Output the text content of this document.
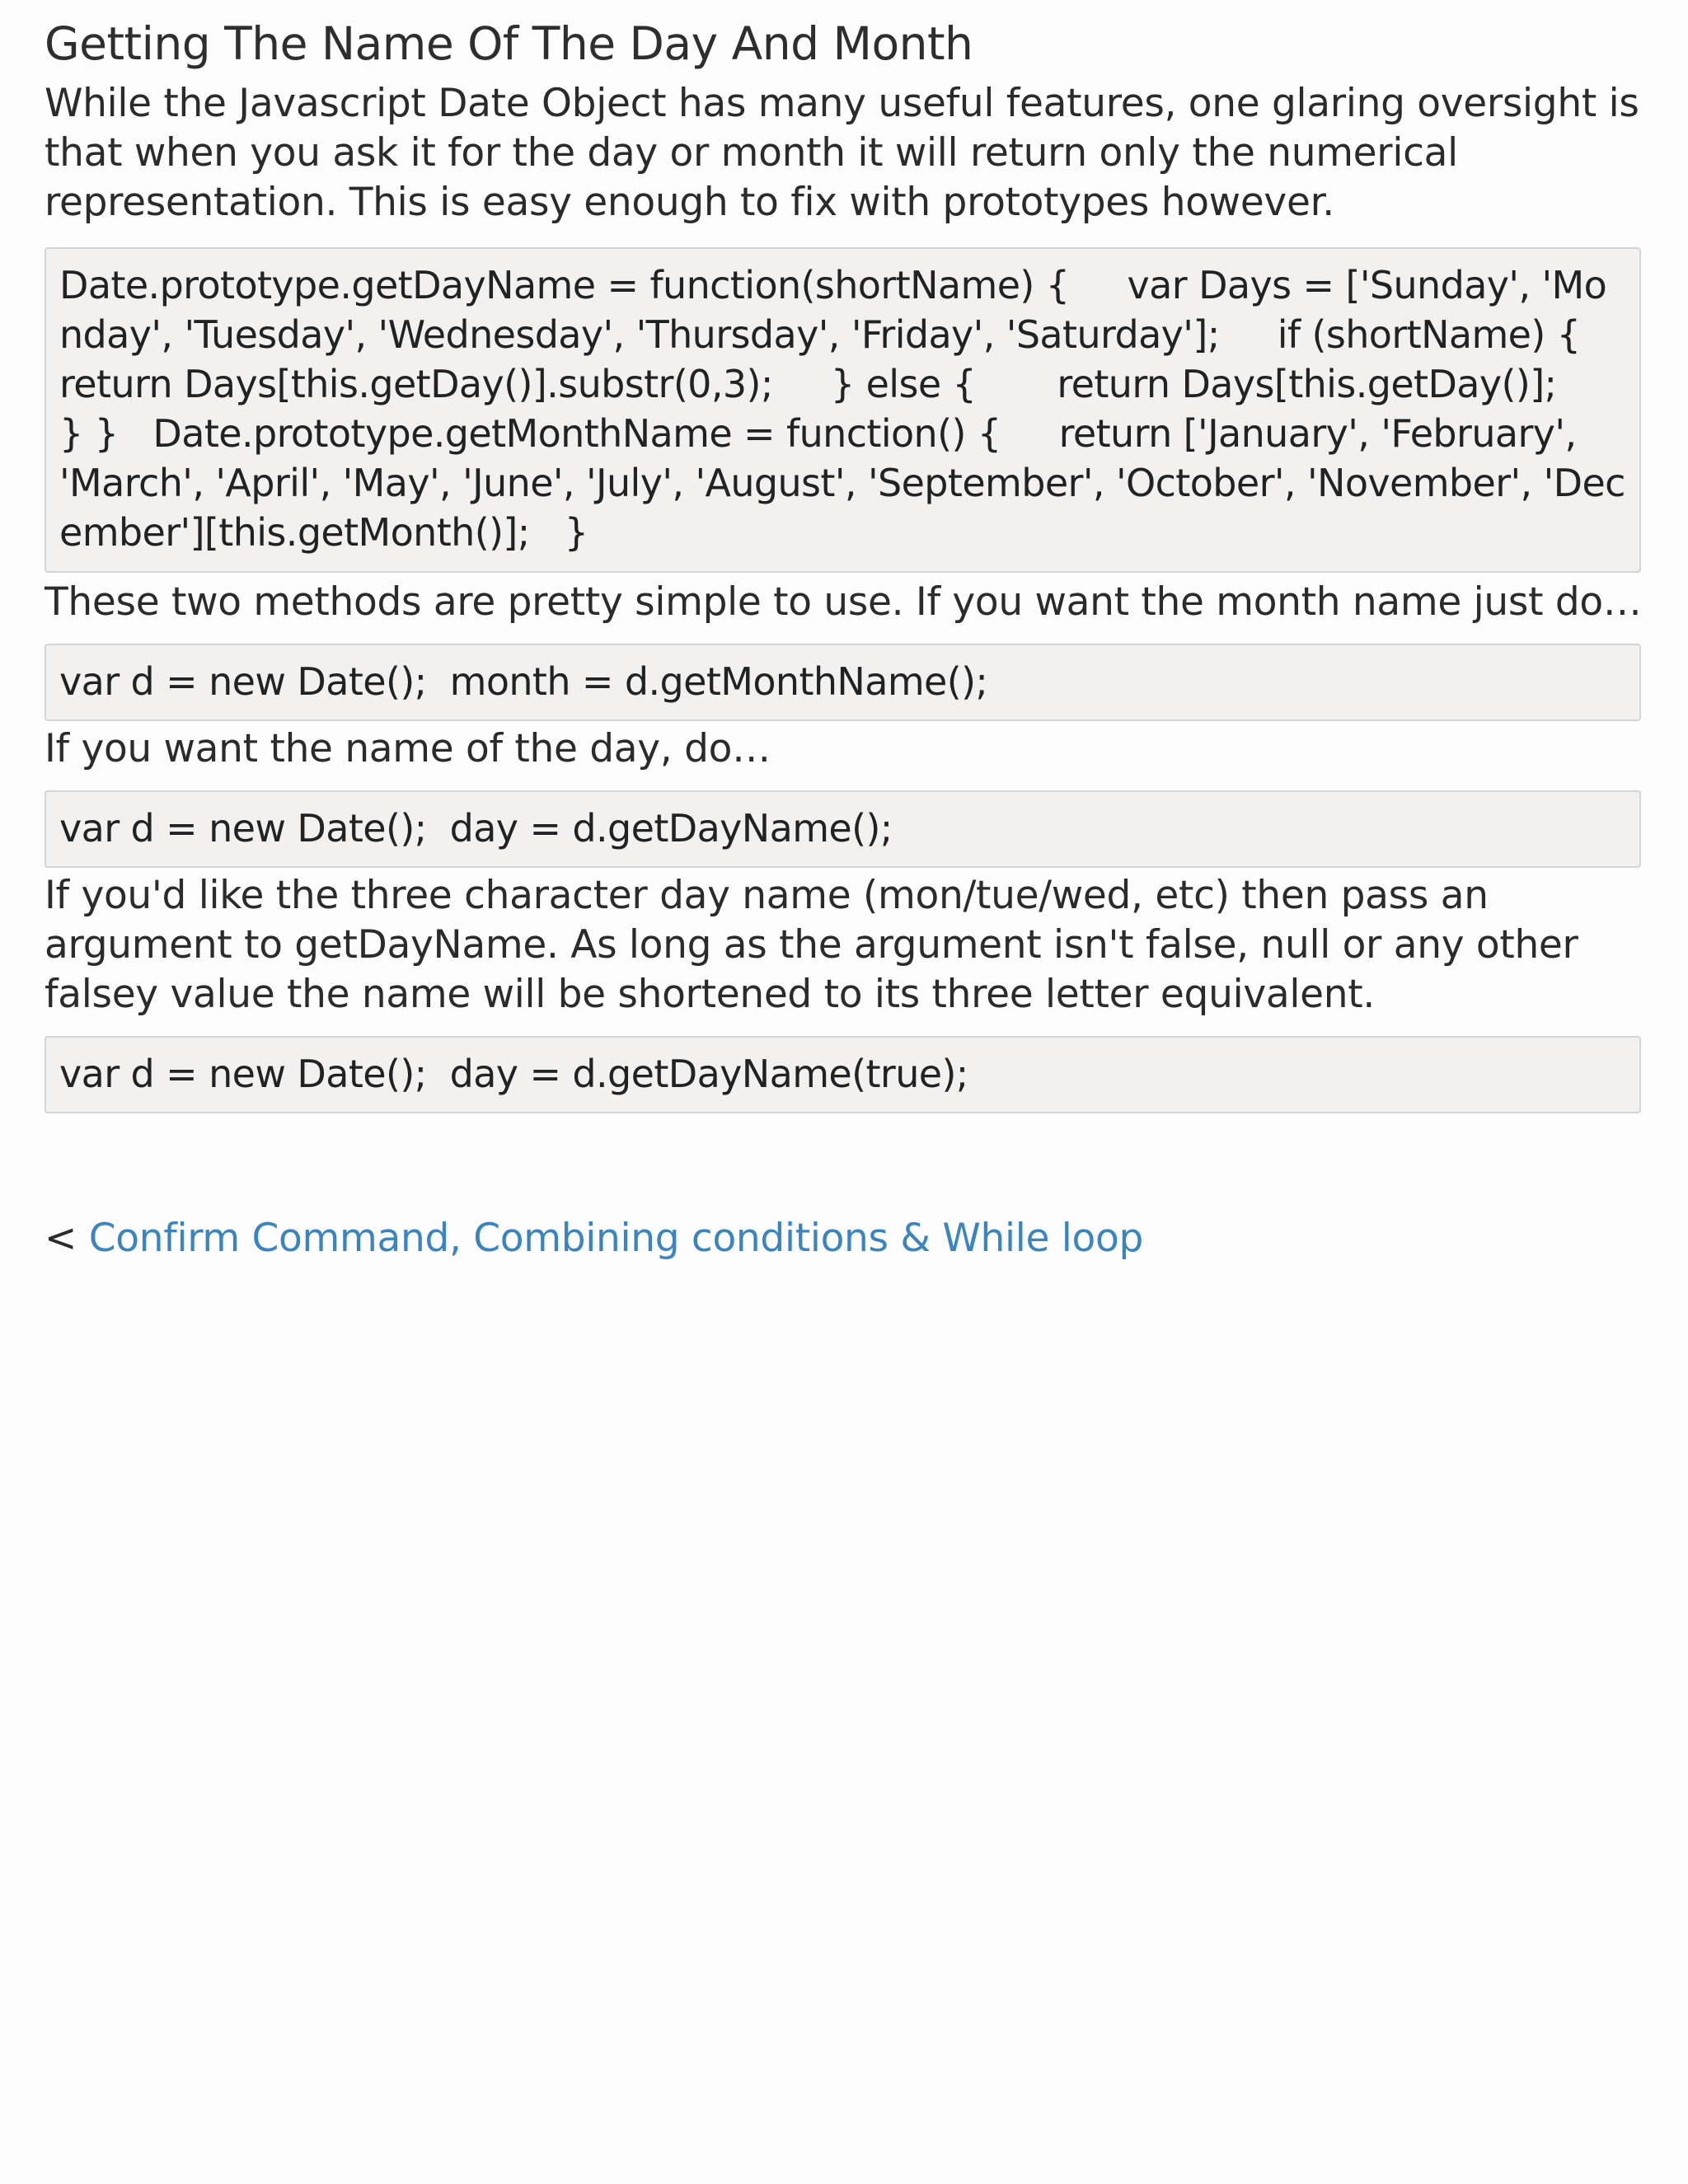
Getting The Name Of The Day And Month

While the Javascript Date Object has many useful features, one glaring oversight is that when you ask it for the day or month it will return only the numerical representation. This is easy enough to fix with prototypes however.

Date.prototype.getDayName = function(shortName) {     var Days = ['Sunday', 'Monday', 'Tuesday', 'Wednesday', 'Thursday', 'Friday', 'Saturday'];     if (shortName) {       return Days[this.getDay()].substr(0,3);     } else {       return Days[this.getDay()];       } }   Date.prototype.getMonthName = function() {     return ['January', 'February', 'March', 'April', 'May', 'June', 'July', 'August', 'September', 'October', 'November', 'December'][this.getMonth()];   }

These two methods are pretty simple to use. If you want the month name just do…

var d = new Date();  month = d.getMonthName();

If you want the name of the day, do…

var d = new Date();  day = d.getDayName();

If you'd like the three character day name (mon/tue/wed, etc) then pass an argument to getDayName. As long as the argument isn't false, null or any other falsey value the name will be shortened to its three letter equivalent.

var d = new Date();  day = d.getDayName(true);
< Confirm Command, Combining conditions & While loop
